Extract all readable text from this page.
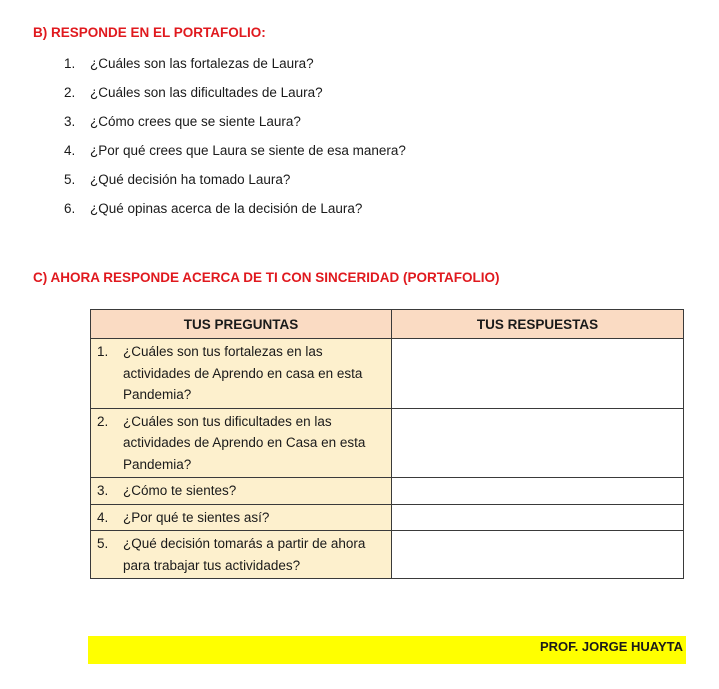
B) RESPONDE EN EL PORTAFOLIO:
1.	¿Cuáles son las fortalezas de Laura?
2.	¿Cuáles son las dificultades de Laura?
3.	¿Cómo crees que se siente Laura?
4.	¿Por qué crees que Laura se siente de esa manera?
5.	¿Qué decisión ha tomado Laura?
6.	¿Qué opinas acerca de la decisión de Laura?
C) AHORA RESPONDE ACERCA DE TI CON SINCERIDAD (PORTAFOLIO)
TUS PREGUNTAS	TUS RESPUESTAS

1. ¿Cuáles son tus fortalezas en las actividades de Aprendo en casa en esta Pandemia?	

2. ¿Cuáles son tus dificultades en las actividades de Aprendo en Casa en esta Pandemia?	

3. ¿Cómo te sientes?	

4. ¿Por qué te sientes así?	

5. ¿Qué decisión tomarás a partir de ahora para trabajar tus actividades?	

PROF. JORGE HUAYTA
